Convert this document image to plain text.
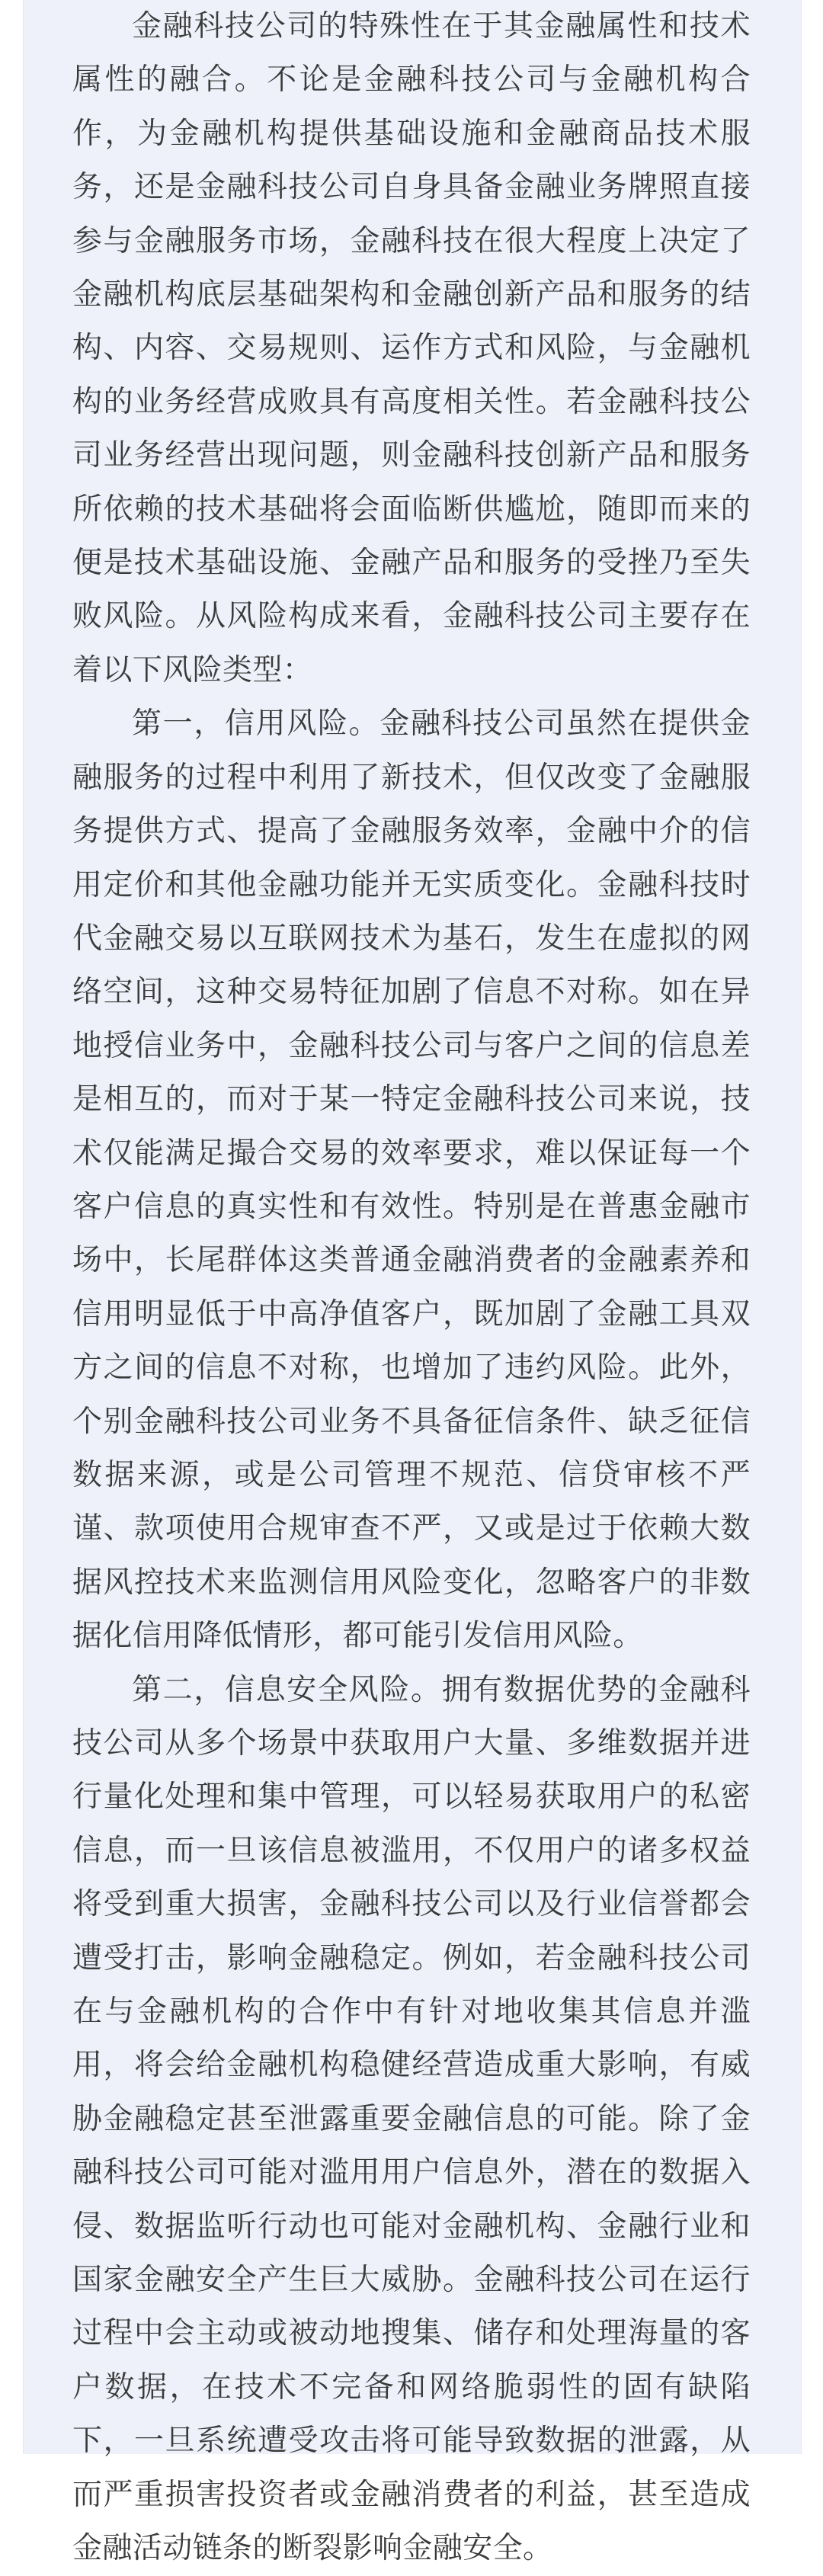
金融科技公司的特殊性在于其金融属性和技术属性的融合。不论是金融科技公司与金融机构合作，为金融机构提供基础设施和金融商品技术服务，还是金融科技公司自身具备金融业务牌照直接参与金融服务市场，金融科技在很大程度上决定了金融机构底层基础架构和金融创新产品和服务的结构、内容、交易规则、运作方式和风险，与金融机构的业务经营成败具有高度相关性。若金融科技公司业务经营出现问题，则金融科技创新产品和服务所依赖的技术基础将会面临断供尴尬，随即而来的便是技术基础设施、金融产品和服务的受挫乃至失败风险。从风险构成来看，金融科技公司主要存在着以下风险类型：

第一，信用风险。金融科技公司虽然在提供金融服务的过程中利用了新技术，但仅改变了金融服务提供方式、提高了金融服务效率，金融中介的信用定价和其他金融功能并无实质变化。金融科技时代金融交易以互联网技术为基石，发生在虚拟的网络空间，这种交易特征加剧了信息不对称。如在异地授信业务中，金融科技公司与客户之间的信息差是相互的，而对于某一特定金融科技公司来说，技术仅能满足撮合交易的效率要求，难以保证每一个客户信息的真实性和有效性。特别是在普惠金融市场中，长尾群体这类普通金融消费者的金融素养和信用明显低于中高净值客户，既加剧了金融工具双方之间的信息不对称，也增加了违约风险。此外，个别金融科技公司业务不具备征信条件、缺乏征信数据来源，或是公司管理不规范、信贷审核不严谨、款项使用合规审查不严，又或是过于依赖大数据风控技术来监测信用风险变化，忽略客户的非数据化信用降低情形，都可能引发信用风险。

第二，信息安全风险。拥有数据优势的金融科技公司从多个场景中获取用户大量、多维数据并进行量化处理和集中管理，可以轻易获取用户的私密信息，而一旦该信息被滥用，不仅用户的诸多权益将受到重大损害，金融科技公司以及行业信誉都会遭受打击，影响金融稳定。例如，若金融科技公司在与金融机构的合作中有针对地收集其信息并滥用，将会给金融机构稳健经营造成重大影响，有威胁金融稳定甚至泄露重要金融信息的可能。除了金融科技公司可能对滥用用户信息外，潜在的数据入侵、数据监听行动也可能对金融机构、金融行业和国家金融安全产生巨大威胁。金融科技公司在运行过程中会主动或被动地搜集、储存和处理海量的客户数据，在技术不完备和网络脆弱性的固有缺陷下，一旦系统遭受攻击将可能导致数据的泄露，从而严重损害投资者或金融消费者的利益，甚至造成金融活动链条的断裂影响金融安全。
